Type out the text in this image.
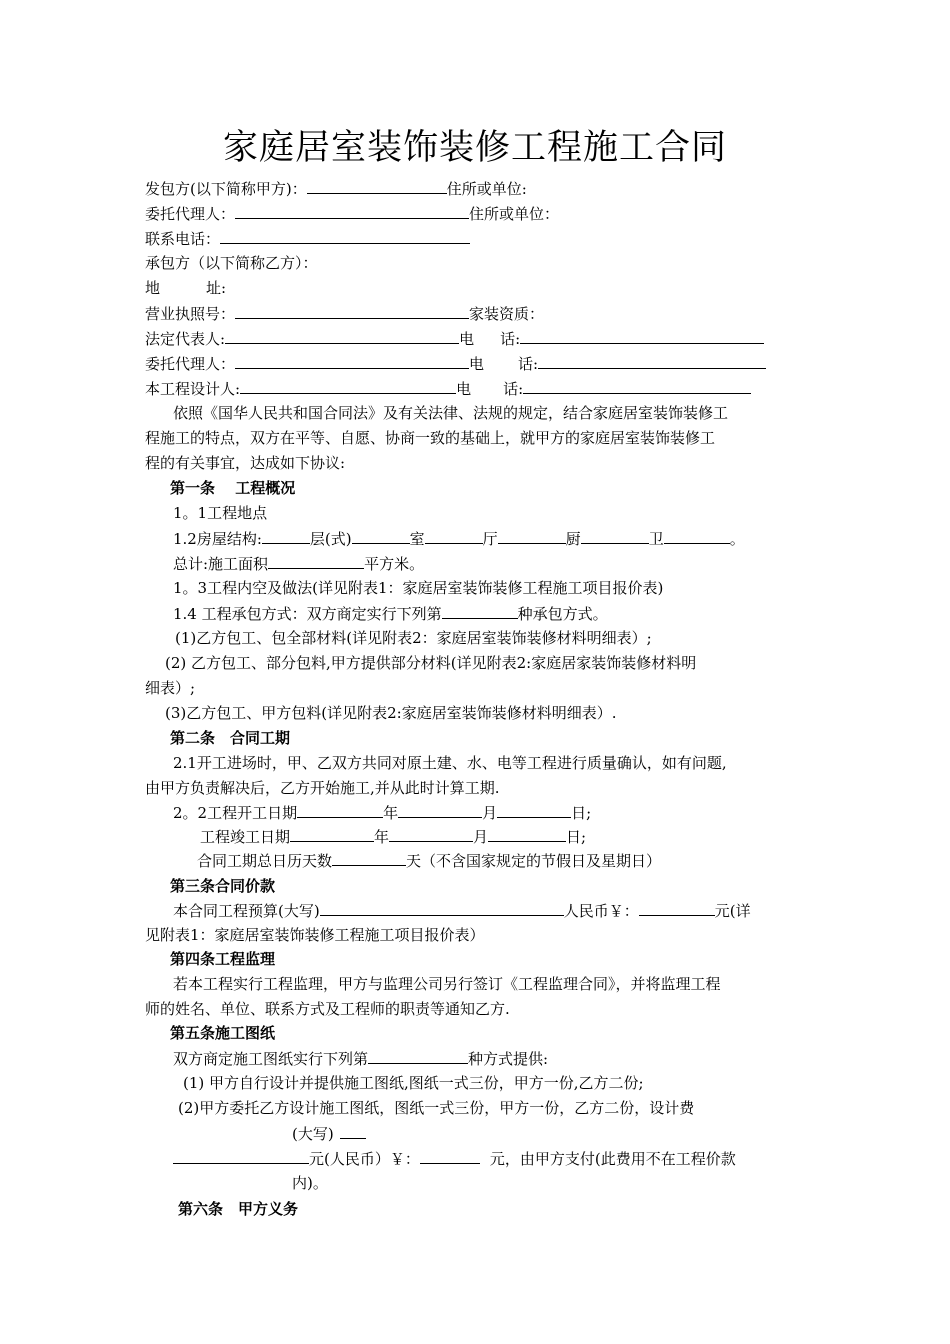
家庭居室装饰装修工程施工合同
发包方(以下简称甲方)：	住所或单位:
委托代理人：	住所或单位：
联系电话：
承包方（以下简称乙方）：
地	址:
营业执照号：	家装资质：
法定代表人:	电 话:
委托代理人：	电 话:
本工程设计人:	电 话:
依照《国华人民共和国合同法》及有关法律、法规的规定，结合家庭居室装饰装修工
程施工的特点，双方在平等、自愿、协商一致的基础上，就甲方的家庭居室装饰装修工
程的有关事宜，达成如下协议:
第一条　 工程概况
1。1工程地点
1.2房屋结构:	层(式)	室	厅	厨	卫	。
总计:施工面积	平方米。
1。3工程内空及做法(详见附表1：家庭居室装饰装修工程施工项目报价表)
1.4 工程承包方式：双方商定实行下列第	种承包方式。
(1)乙方包工、包全部材料(详见附表2：家庭居室装饰装修材料明细表）;
(2) 乙方包工、部分包料,甲方提供部分材料(详见附表2:家庭居家装饰装修材料明
细表）;
(3)乙方包工、甲方包料(详见附表2:家庭居室装饰装修材料明细表）.
第二条　合同工期
2.1开工进场时，甲、乙双方共同对原土建、水、电等工程进行质量确认，如有问题,
由甲方负责解决后，乙方开始施工,并从此时计算工期.
2。2工程开工日期	年	月	日;
工程竣工日期	年	月	日;
合同工期总日历天数	天（不含国家规定的节假日及星期日）
第三条合同价款
本合同工程预算(大写)	人民币￥：	元(详
见附表1：家庭居室装饰装修工程施工项目报价表）
第四条工程监理
若本工程实行工程监理，甲方与监理公司另行签订《工程监理合同》，并将监理工程
师的姓名、单位、联系方式及工程师的职责等通知乙方.
第五条施工图纸
双方商定施工图纸实行下列第	种方式提供:
(1) 甲方自行设计并提供施工图纸,图纸一式三份，甲方一份,乙方二份;
(2)甲方委托乙方设计施工图纸，图纸一式三份，甲方一份，乙方二份，设计费
(大写)
元(人民币）￥：	元，由甲方支付(此费用不在工程价款
内)。
第六条　甲方义务
